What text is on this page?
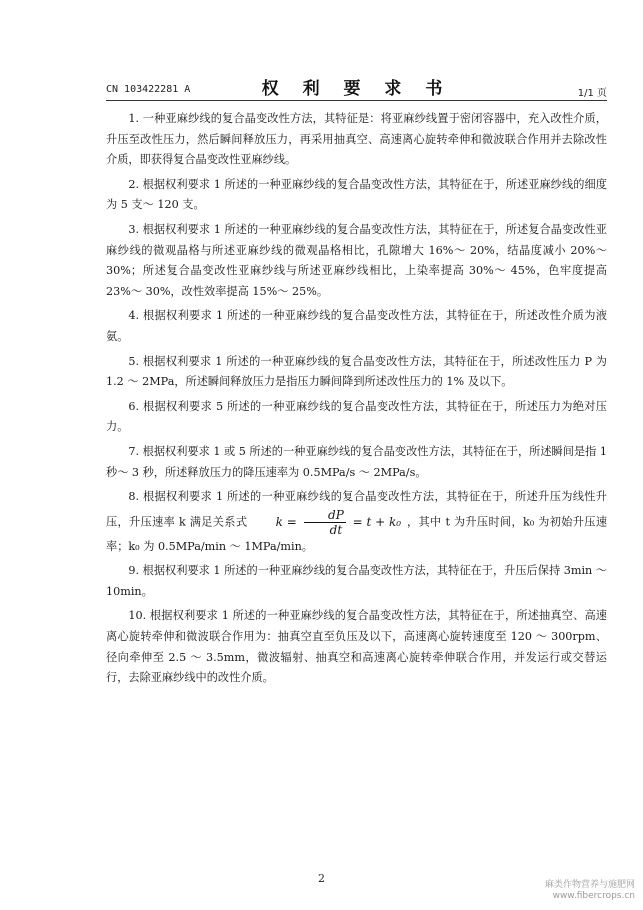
CN 103422281 A	权 利 要 求 书	1/1 页

1. 一种亚麻纱线的复合晶变改性方法，其特征是：将亚麻纱线置于密闭容器中，充入改性介质，升压至改性压力，然后瞬间释放压力，再采用抽真空、高速离心旋转牵伸和微波联合作用并去除改性介质，即获得复合晶变改性亚麻纱线。

2. 根据权利要求 1 所述的一种亚麻纱线的复合晶变改性方法，其特征在于，所述亚麻纱线的细度为 5 支～ 120 支。

3. 根据权利要求 1 所述的一种亚麻纱线的复合晶变改性方法，其特征在于，所述复合晶变改性亚麻纱线的微观晶格与所述亚麻纱线的微观晶格相比，孔隙增大 16%～ 20%，结晶度减小 20%～ 30%；所述复合晶变改性亚麻纱线与所述亚麻纱线相比，上染率提高 30%～ 45%，色牢度提高 23%～ 30%，改性效率提高 15%～ 25%。

4. 根据权利要求 1 所述的一种亚麻纱线的复合晶变改性方法，其特征在于，所述改性介质为液氨。

5. 根据权利要求 1 所述的一种亚麻纱线的复合晶变改性方法，其特征在于，所述改性压力 P 为 1.2 ～ 2MPa，所述瞬间释放压力是指压力瞬间降到所述改性压力的 1% 及以下。

6. 根据权利要求 5 所述的一种亚麻纱线的复合晶变改性方法，其特征在于，所述压力为绝对压力。

7. 根据权利要求 1 或 5 所述的一种亚麻纱线的复合晶变改性方法，其特征在于，所述瞬间是指 1 秒～ 3 秒，所述释放压力的降压速率为 0.5MPa/s ～ 2MPa/s。

8. 根据权利要求 1 所述的一种亚麻纱线的复合晶变改性方法，其特征在于，所述升压为线性升压，升压速率 k 满足关系式 $k = \frac{dP}{dt} = t + k_0$ ，其中 t 为升压时间，k₀ 为初始升压速率；k₀ 为 0.5MPa/min ～ 1MPa/min。

9. 根据权利要求 1 所述的一种亚麻纱线的复合晶变改性方法，其特征在于，升压后保持 3min ～ 10min。

10. 根据权利要求 1 所述的一种亚麻纱线的复合晶变改性方法，其特征在于，所述抽真空、高速离心旋转牵伸和微波联合作用为：抽真空直至负压及以下，高速离心旋转速度至 120 ～ 300rpm、径向牵伸至 2.5 ～ 3.5mm，微波辐射、抽真空和高速离心旋转牵伸联合作用，并发运行或交替运行，去除亚麻纱线中的改性介质。

2	麻类作物营养与施肥网
www.fibercrops.cn
